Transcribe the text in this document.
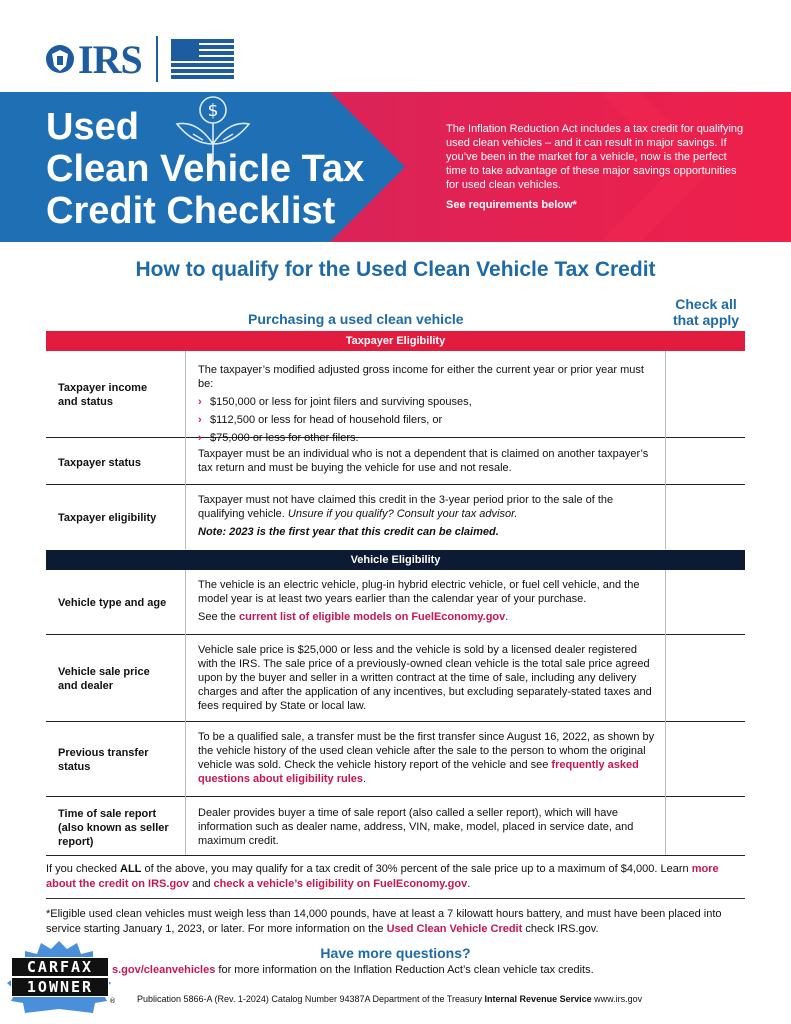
IRS
$
Used
Clean Vehicle Tax
Credit Checklist
The Inflation Reduction Act includes a tax credit for qualifying used clean vehicles – and it can result in major savings. If you’ve been in the market for a vehicle, now is the perfect time to take advantage of these major savings opportunities for used clean vehicles.
See requirements below*
How to qualify for the Used Clean Vehicle Tax Credit
Purchasing a used clean vehicle
Check all
that apply
Taxpayer Eligibility
Taxpayer income and status
The taxpayer’s modified adjusted gross income for either the current year or prior year must be:
› $150,000 or less for joint filers and surviving spouses,
› $112,500 or less for head of household filers, or
› $75,000 or less for other filers.
Taxpayer status
Taxpayer must be an individual who is not a dependent that is claimed on another taxpayer’s tax return and must be buying the vehicle for use and not resale.
Taxpayer eligibility
Taxpayer must not have claimed this credit in the 3-year period prior to the sale of the qualifying vehicle. Unsure if you qualify? Consult your tax advisor.
Note: 2023 is the first year that this credit can be claimed.
Vehicle Eligibility
Vehicle type and age
The vehicle is an electric vehicle, plug-in hybrid electric vehicle, or fuel cell vehicle, and the model year is at least two years earlier than the calendar year of your purchase.
See the current list of eligible models on FuelEconomy.gov.
Vehicle sale price and dealer
Vehicle sale price is $25,000 or less and the vehicle is sold by a licensed dealer registered with the IRS. The sale price of a previously-owned clean vehicle is the total sale price agreed upon by the buyer and seller in a written contract at the time of sale, including any delivery charges and after the application of any incentives, but excluding separately-stated taxes and fees required by State or local law.
Previous transfer status
To be a qualified sale, a transfer must be the first transfer since August 16, 2022, as shown by the vehicle history of the used clean vehicle after the sale to the person to whom the original vehicle was sold. Check the vehicle history report of the vehicle and see frequently asked questions about eligibility rules.
Time of sale report (also known as seller report)
Dealer provides buyer a time of sale report (also called a seller report), which will have information such as dealer name, address, VIN, make, model, placed in service date, and maximum credit.
If you checked ALL of the above, you may qualify for a tax credit of 30% percent of the sale price up to a maximum of $4,000. Learn more about the credit on IRS.gov and check a vehicle’s eligibility on FuelEconomy.gov.
*Eligible used clean vehicles must weigh less than 14,000 pounds, have at least a 7 kilowatt hours battery, and must have been placed into service starting January 1, 2023, or later. For more information on the Used Clean Vehicle Credit check IRS.gov.
Have more questions?
s.gov/cleanvehicles for more information on the Inflation Reduction Act’s clean vehicle tax credits.
Publication 5866-A (Rev. 1-2024) Catalog Number 94387A Department of the Treasury Internal Revenue Service www.irs.gov
CARFAX
1OWNER
®
